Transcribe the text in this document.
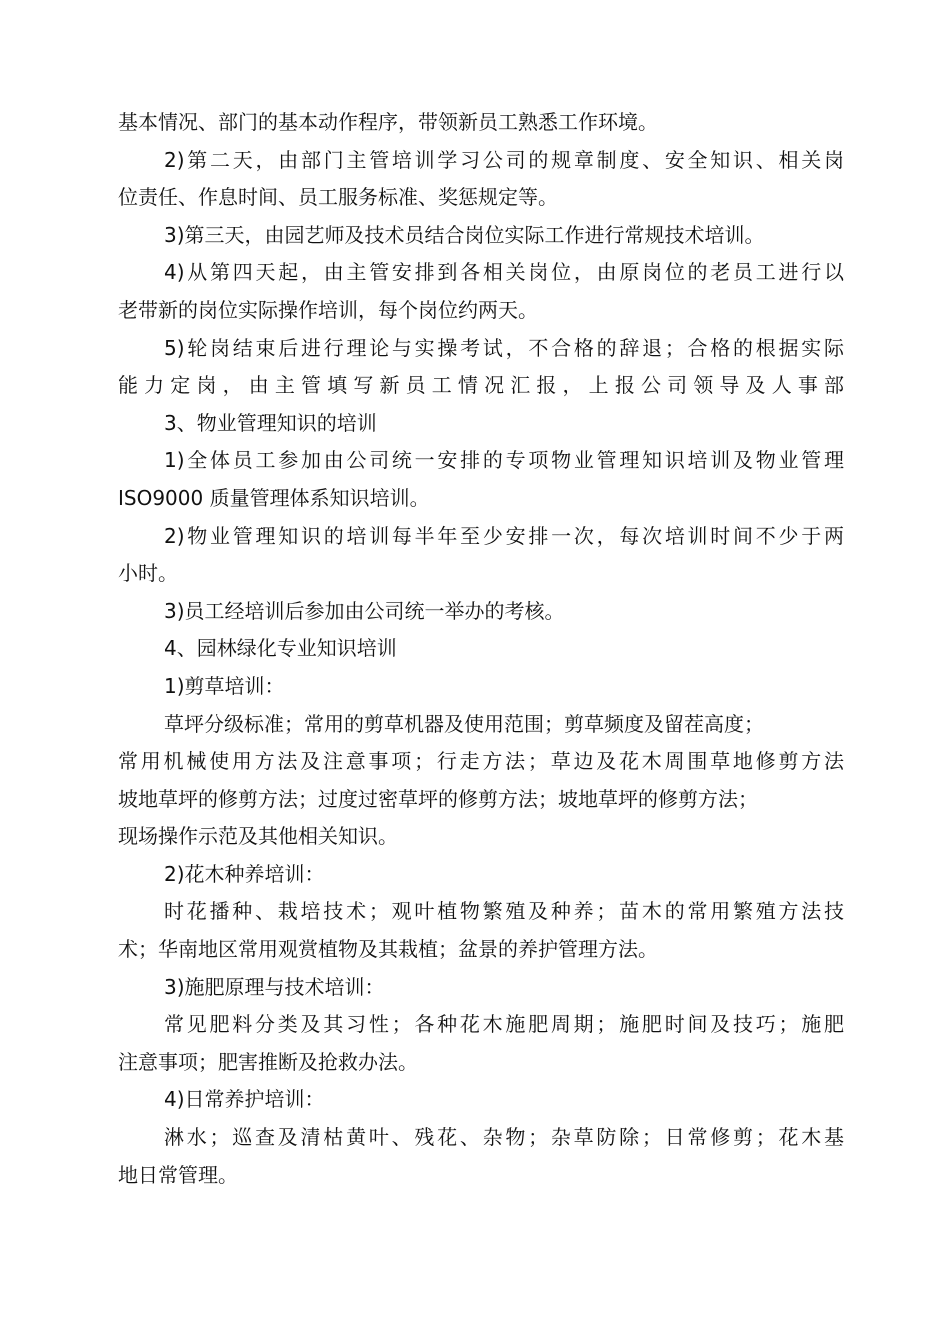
基本情况、部门的基本动作程序，带领新员工熟悉工作环境。
2)第二天，由部门主管培训学习公司的规章制度、安全知识、相关岗
位责任、作息时间、员工服务标准、奖惩规定等。
3)第三天，由园艺师及技术员结合岗位实际工作进行常规技术培训。
4)从第四天起，由主管安排到各相关岗位，由原岗位的老员工进行以
老带新的岗位实际操作培训，每个岗位约两天。
5)轮岗结束后进行理论与实操考试，不合格的辞退；合格的根据实际
能力定岗，由主管填写新员工情况汇报，上报公司领导及人事部
3、物业管理知识的培训
1)全体员工参加由公司统一安排的专项物业管理知识培训及物业管理
ISO9000 质量管理体系知识培训。
2)物业管理知识的培训每半年至少安排一次，每次培训时间不少于两
小时。
3)员工经培训后参加由公司统一举办的考核。
4、园林绿化专业知识培训
1)剪草培训：
草坪分级标准；常用的剪草机器及使用范围；剪草频度及留茬高度；
常用机械使用方法及注意事项；行走方法；草边及花木周围草地修剪方法
坡地草坪的修剪方法；过度过密草坪的修剪方法；坡地草坪的修剪方法；
现场操作示范及其他相关知识。
2)花木种养培训：
时花播种、栽培技术；观叶植物繁殖及种养；苗木的常用繁殖方法技
术；华南地区常用观赏植物及其栽植；盆景的养护管理方法。
3)施肥原理与技术培训：
常见肥料分类及其习性；各种花木施肥周期；施肥时间及技巧；施肥
注意事项；肥害推断及抢救办法。
4)日常养护培训：
淋水；巡查及清枯黄叶、残花、杂物；杂草防除；日常修剪；花木基
地日常管理。
